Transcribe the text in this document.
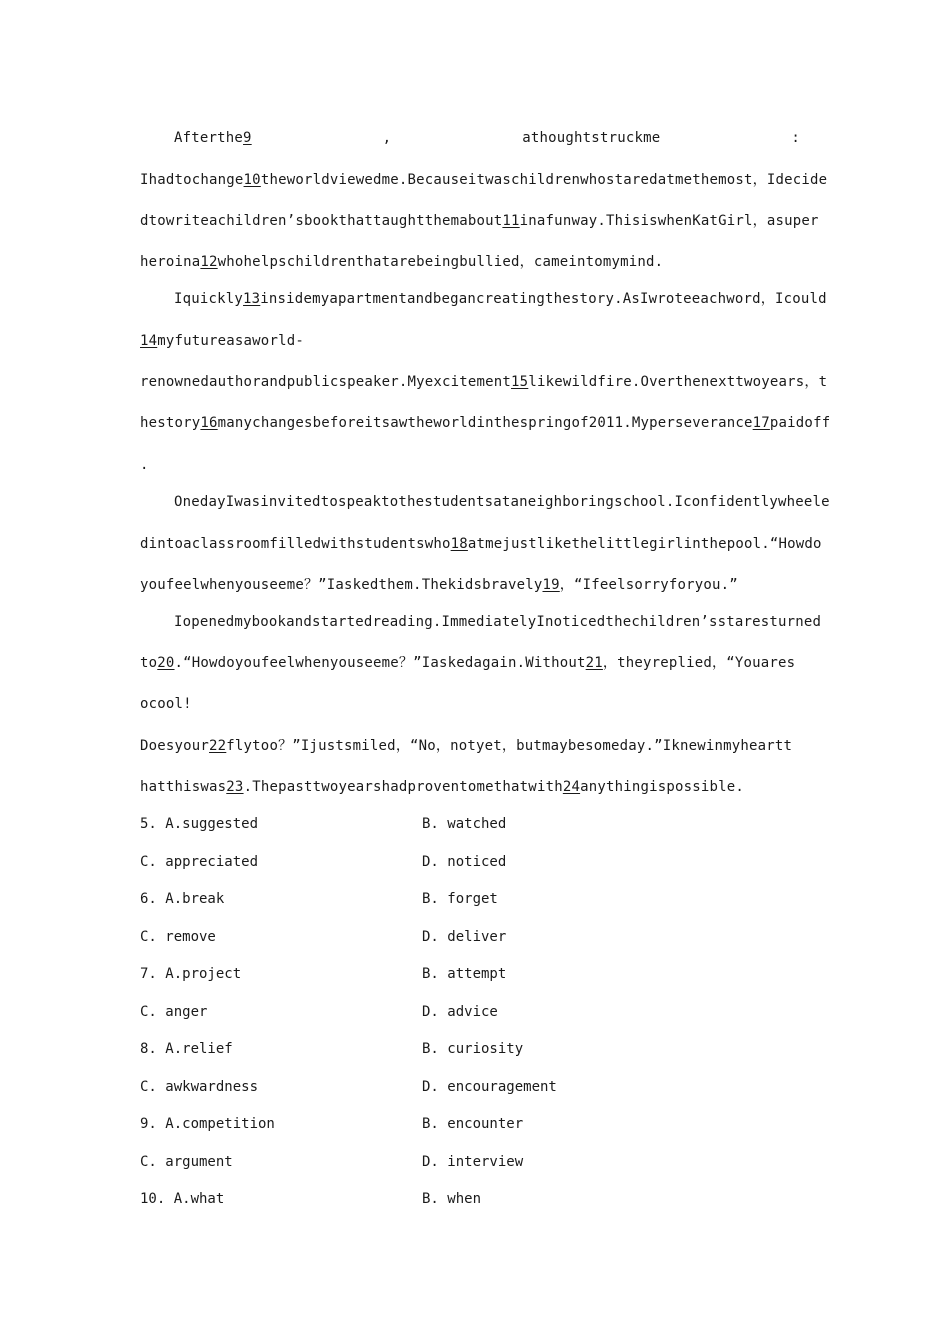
Afterthe9	,	athoughtstruckme	:
Ihadtochange10theworldviewedme.Becauseitwaschildrenwhostaredatmethemost，Idecide
dtowriteachildren’sbookthattaughtthemabout11inafunway.ThisiswhenKatGirl，asuper
heroina12whohelpschildrenthatarebeingbullied，cameintomymind.
Iquickly13insidemyapartmentandbegancreatingthestory.AsIwroteeachword，Icould
14myfutureasaworld-
renownedauthorandpublicspeaker.Myexcitement15likewildfire.Overthenexttwoyears，t
hestory16manychangesbeforeitsawtheworldinthespringof2011.Myperseverance17paidoff
.
OnedayIwasinvitedtospeaktothestudentsataneighboringschool.Iconfidentlywheele
dintoaclassroomfilledwithstudentswho18atmejustlikethelittlegirlinthepool.“Howdo
youfeelwhenyouseeme？”Iaskedthem.Thekidsbravely19，“Ifeelsorryforyou.”
Iopenedmybookandstartedreading.ImmediatelyInoticedthechildren’sstaresturned
to20.“Howdoyoufeelwhenyouseeme？”Iaskedagain.Without21，theyreplied，“Youares
ocool!
Doesyour22flytoo？”Ijustsmiled，“No，notyet，butmaybesomeday.”Iknewinmyheartt
hatthiswas23.Thepasttwoyearshadproventomethatwith24anythingispossible.
5. A.suggested	B. watched
C. appreciated	D. noticed
6. A.break	B. forget
C. remove	D. deliver
7. A.project	B. attempt
C. anger	D. advice
8. A.relief	B. curiosity
C. awkwardness	D. encouragement
9. A.competition	B. encounter
C. argument	D. interview
10. A.what	B. when
